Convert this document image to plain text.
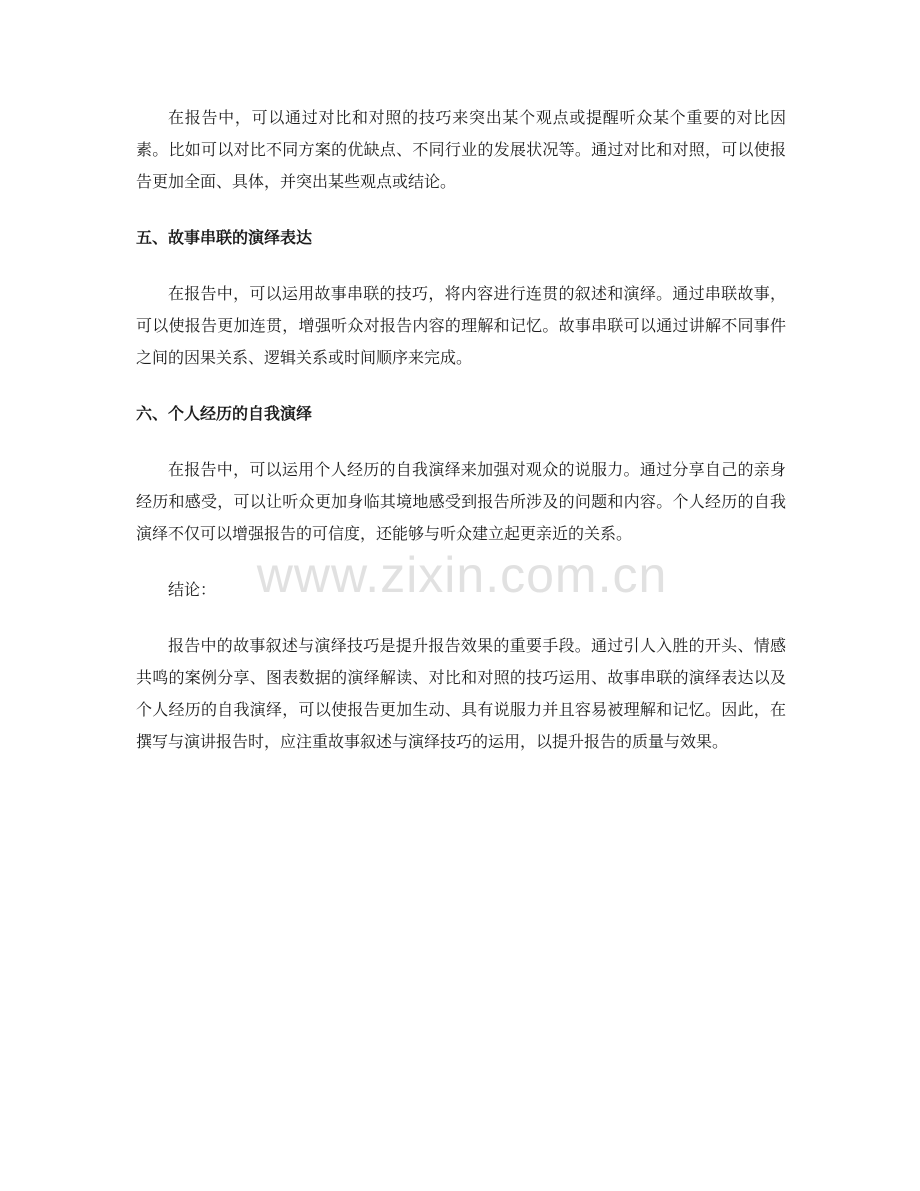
在报告中，可以通过对比和对照的技巧来突出某个观点或提醒听众某个重要的对比因素。比如可以对比不同方案的优缺点、不同行业的发展状况等。通过对比和对照，可以使报告更加全面、具体，并突出某些观点或结论。

五、故事串联的演绎表达

在报告中，可以运用故事串联的技巧，将内容进行连贯的叙述和演绎。通过串联故事，可以使报告更加连贯，增强听众对报告内容的理解和记忆。故事串联可以通过讲解不同事件之间的因果关系、逻辑关系或时间顺序来完成。

六、个人经历的自我演绎

在报告中，可以运用个人经历的自我演绎来加强对观众的说服力。通过分享自己的亲身经历和感受，可以让听众更加身临其境地感受到报告所涉及的问题和内容。个人经历的自我演绎不仅可以增强报告的可信度，还能够与听众建立起更亲近的关系。

结论：

报告中的故事叙述与演绎技巧是提升报告效果的重要手段。通过引人入胜的开头、情感共鸣的案例分享、图表数据的演绎解读、对比和对照的技巧运用、故事串联的演绎表达以及个人经历的自我演绎，可以使报告更加生动、具有说服力并且容易被理解和记忆。因此，在撰写与演讲报告时，应注重故事叙述与演绎技巧的运用，以提升报告的质量与效果。

www.zixin.com.cn
